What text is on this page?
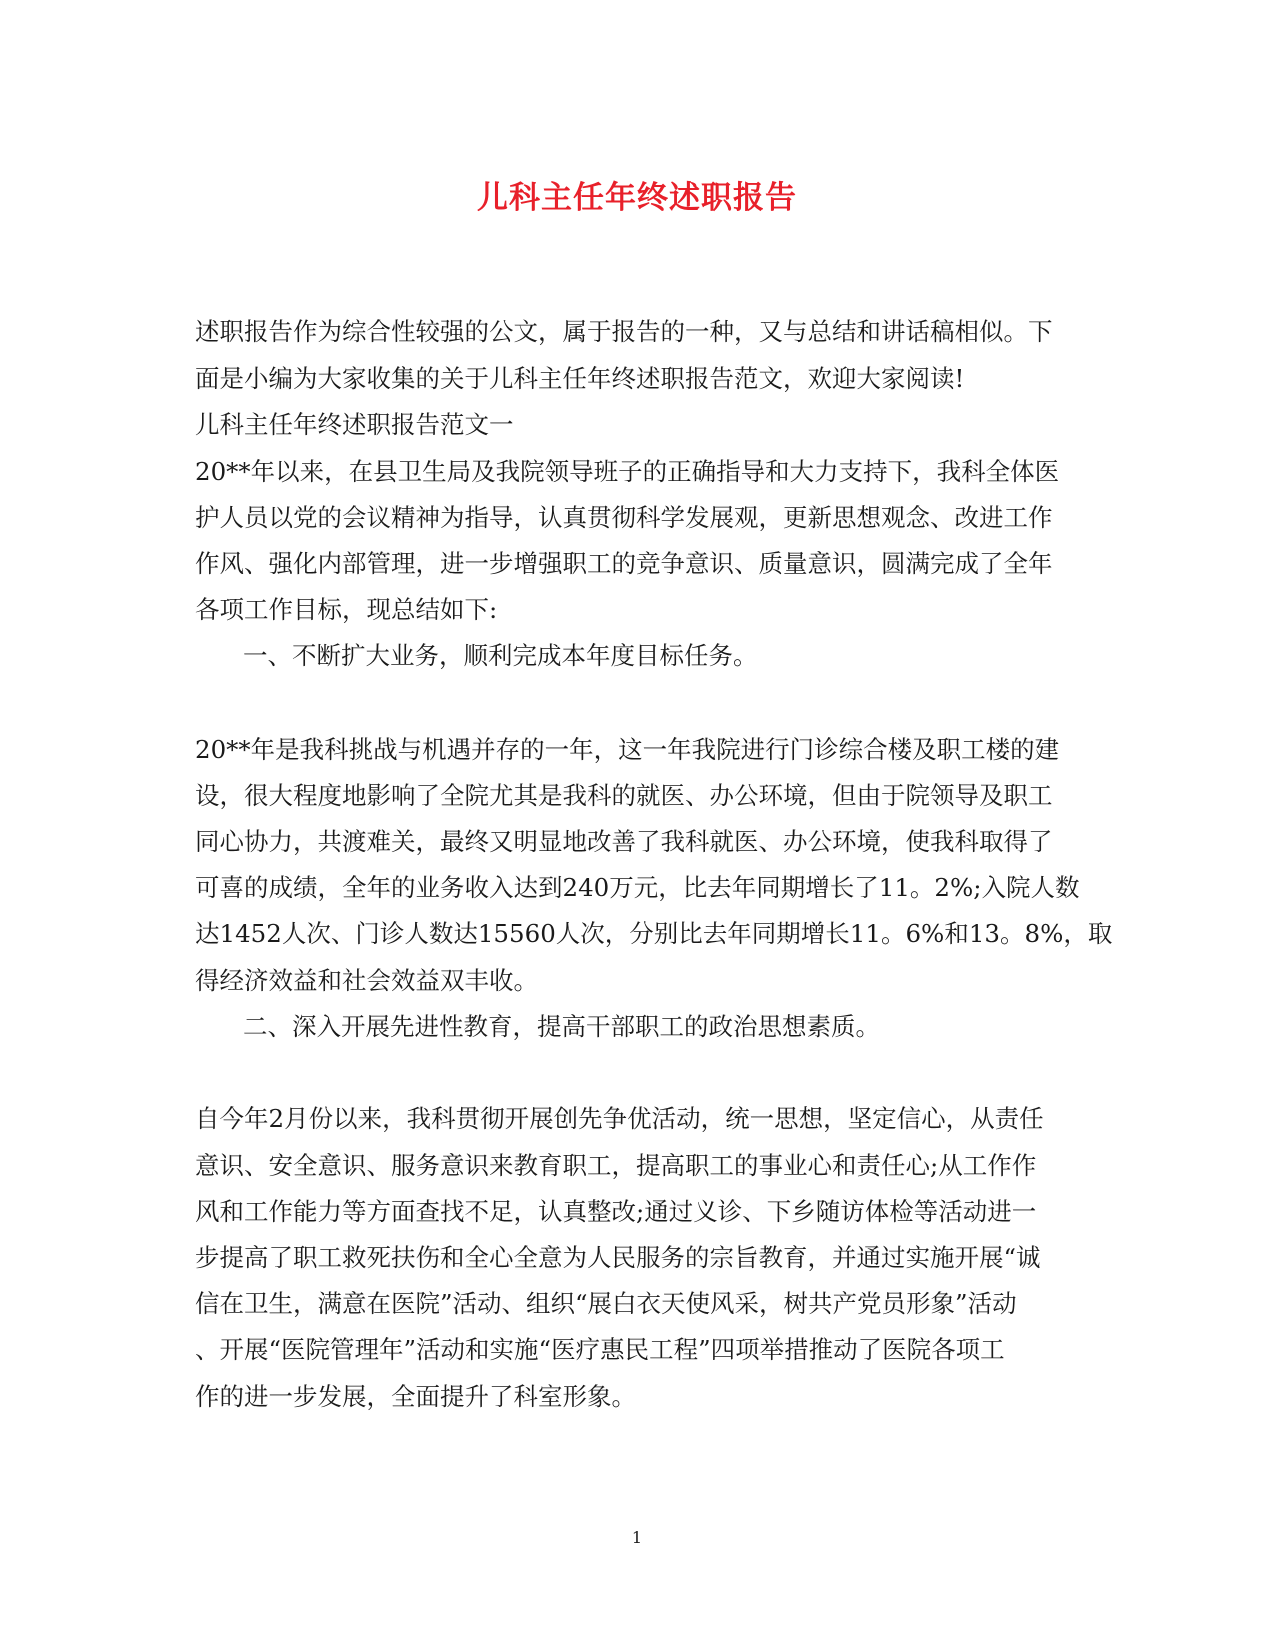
儿科主任年终述职报告
述职报告作为综合性较强的公文，属于报告的一种，又与总结和讲话稿相似。下
面是小编为大家收集的关于儿科主任年终述职报告范文，欢迎大家阅读!
儿科主任年终述职报告范文一
20**年以来，在县卫生局及我院领导班子的正确指导和大力支持下，我科全体医
护人员以党的会议精神为指导，认真贯彻科学发展观，更新思想观念、改进工作
作风、强化内部管理，进一步增强职工的竞争意识、质量意识，圆满完成了全年
各项工作目标，现总结如下:
一、不断扩大业务，顺利完成本年度目标任务。
20**年是我科挑战与机遇并存的一年，这一年我院进行门诊综合楼及职工楼的建
设，很大程度地影响了全院尤其是我科的就医、办公环境，但由于院领导及职工
同心协力，共渡难关，最终又明显地改善了我科就医、办公环境，使我科取得了
可喜的成绩，全年的业务收入达到240万元，比去年同期增长了11。2%;入院人数
达1452人次、门诊人数达15560人次，分别比去年同期增长11。6%和13。8%，取
得经济效益和社会效益双丰收。
二、深入开展先进性教育，提高干部职工的政治思想素质。
自今年2月份以来，我科贯彻开展创先争优活动，统一思想，坚定信心，从责任
意识、安全意识、服务意识来教育职工，提高职工的事业心和责任心;从工作作
风和工作能力等方面查找不足，认真整改;通过义诊、下乡随访体检等活动进一
步提高了职工救死扶伤和全心全意为人民服务的宗旨教育，并通过实施开展“诚
信在卫生，满意在医院”活动、组织“展白衣天使风采，树共产党员形象”活动
、开展“医院管理年”活动和实施“医疗惠民工程”四项举措推动了医院各项工
作的进一步发展，全面提升了科室形象。
1
